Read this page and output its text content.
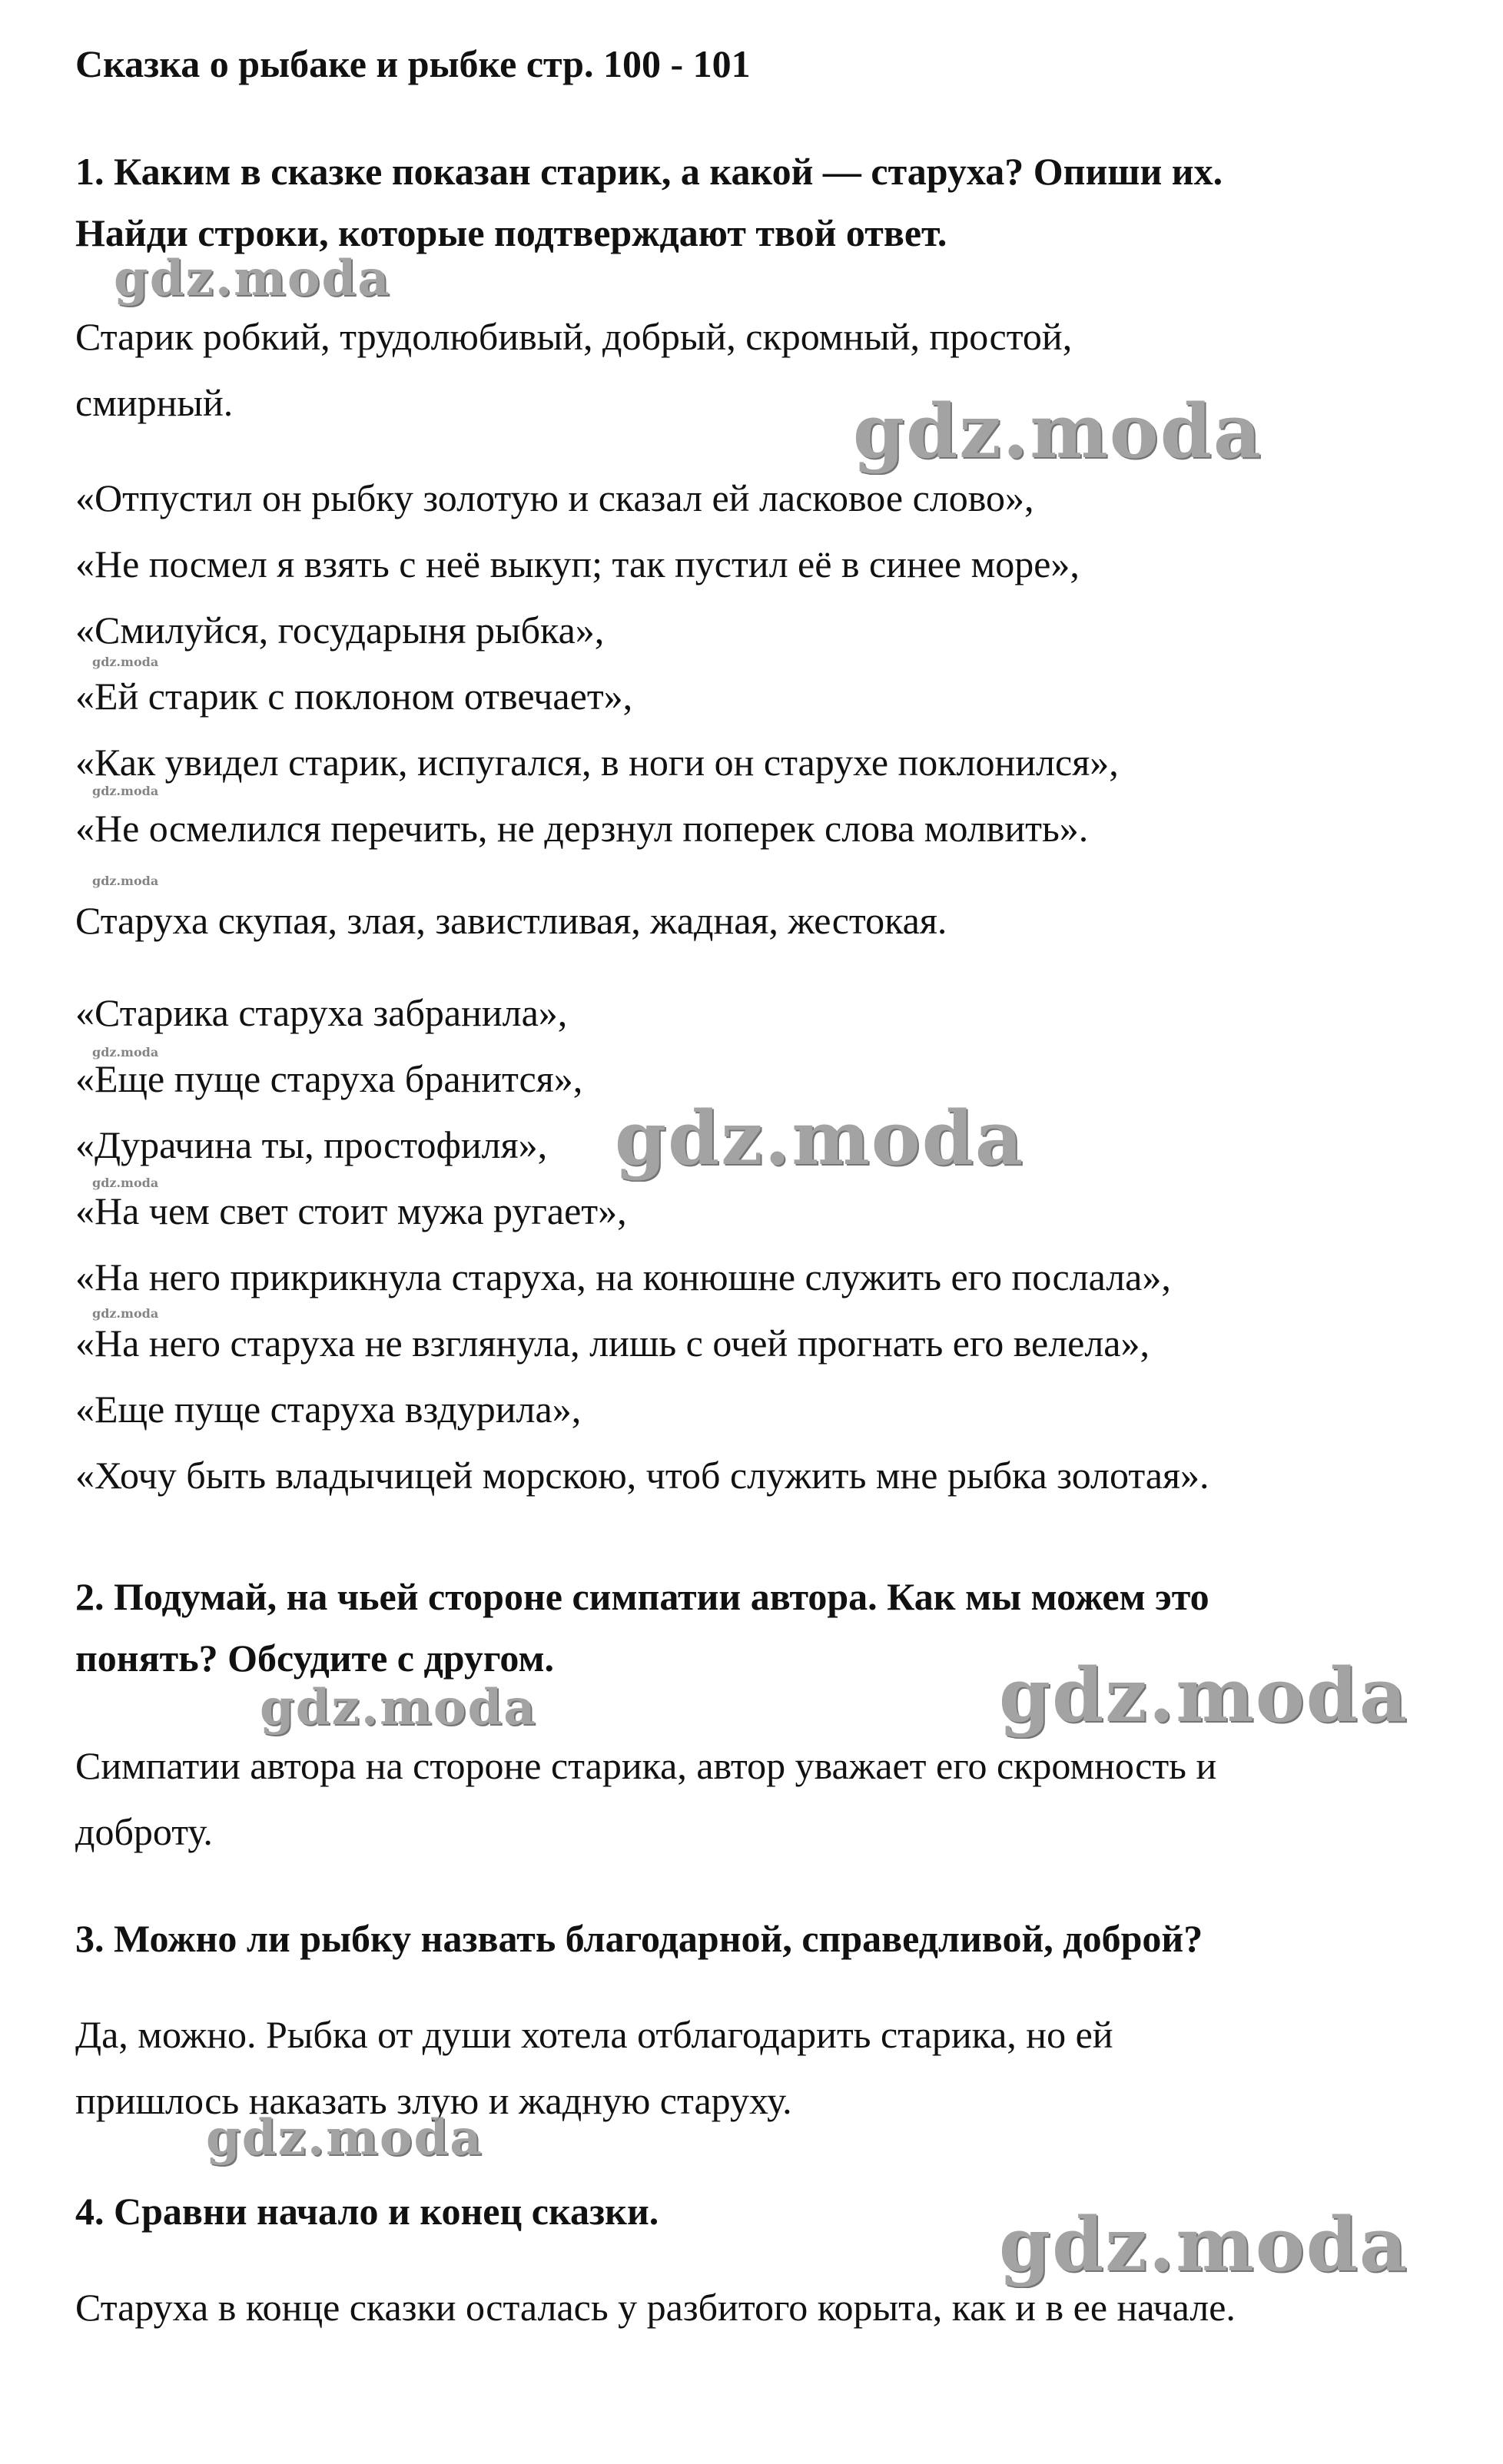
Сказка о рыбаке и рыбке стр. 100 - 101

1. Каким в сказке показан старик, а какой — старуха? Опиши их.

Найди строки, которые подтверждают твой ответ.

Старик робкий, трудолюбивый, добрый, скромный, простой,

смирный.

«Отпустил он рыбку золотую и сказал ей ласковое слово»,
«Не посмел я взять с неё выкуп; так пустил её в синее море»,
«Смилуйся, государыня рыбка»,
«Ей старик с поклоном отвечает»,
«Как увидел старик, испугался, в ноги он старухе поклонился»,
«Не осмелился перечить, не дерзнул поперек слова молвить».

Старуха скупая, злая, завистливая, жадная, жестокая.

«Старика старуха забранила»,
«Еще пуще старуха бранится»,
«Дурачина ты, простофиля»,
«На чем свет стоит мужа ругает»,
«На него прикрикнула старуха, на конюшне служить его послала»,
«На него старуха не взглянула, лишь с очей прогнать его велела»,
«Еще пуще старуха вздурила»,
«Хочу быть владычицей морскою, чтоб служить мне рыбка золотая».

2. Подумай, на чьей стороне симпатии автора. Как мы можем это

понять? Обсудите с другом.

Симпатии автора на стороне старика, автор уважает его скромность и

доброту.

3. Можно ли рыбку назвать благодарной, справедливой, доброй?

Да, можно. Рыбка от души хотела отблагодарить старика, но ей

пришлось наказать злую и жадную старуху.

4. Сравни начало и конец сказки.

Старуха в конце сказки осталась у разбитого корыта, как и в ее начале.

gdz.moda
gdz.moda
gdz.moda
gdz.moda
gdz.moda
gdz.moda
gdz.moda
gdz.moda
gdz.moda
gdz.moda	gdz.moda
gdz.moda
gdz.moda
